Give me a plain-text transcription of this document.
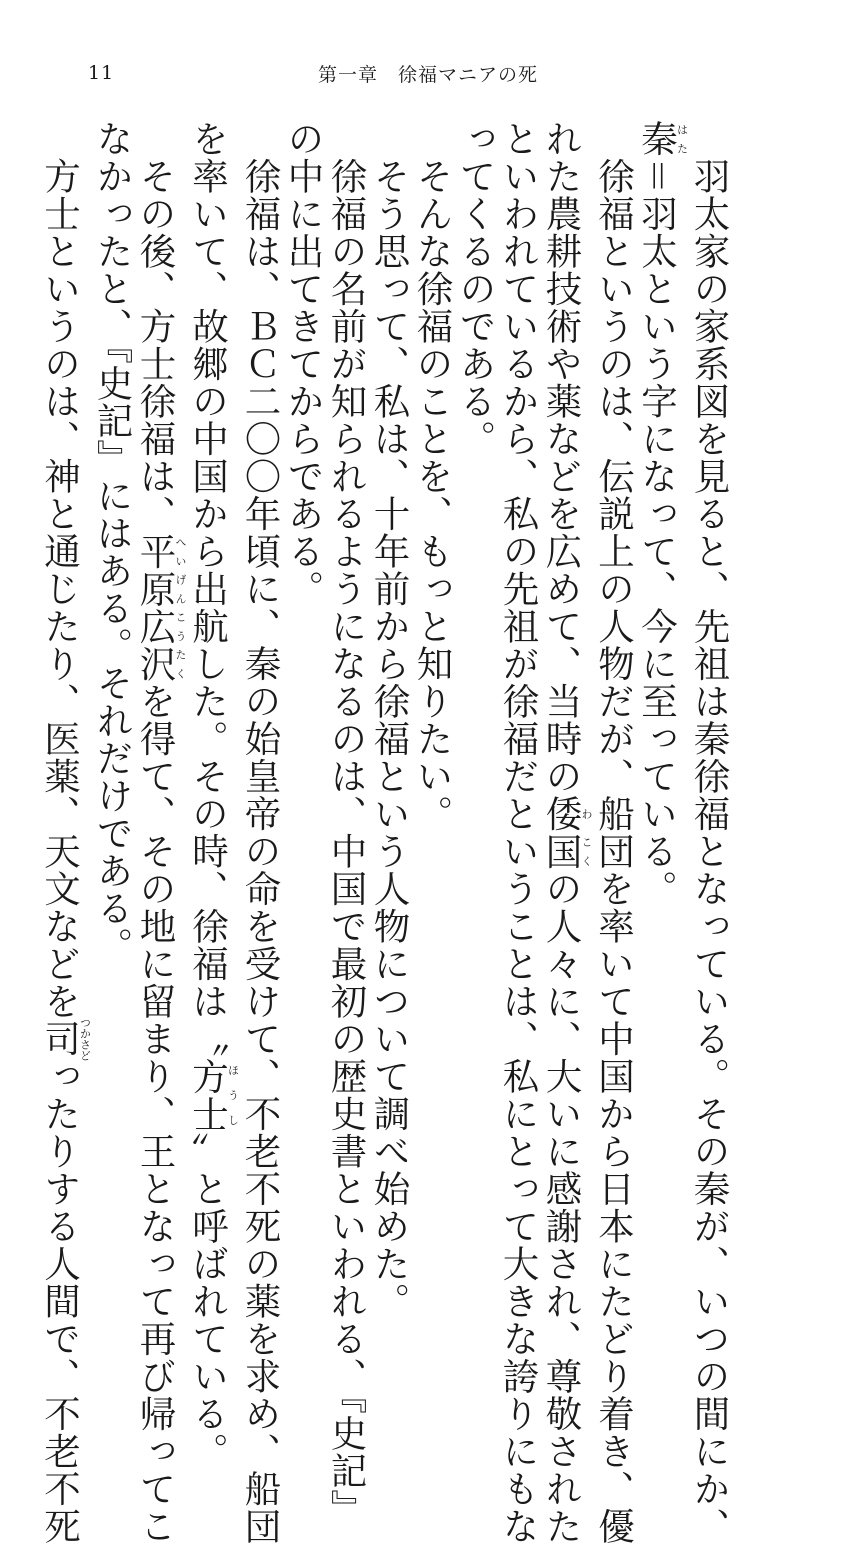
11	第一章　徐福マニアの死
　羽太家の家系図を見ると、先祖は秦徐福となっている。その秦が、いつの間にか、
秦はた＝羽太という字になって、今に至っている。
　徐福というのは、伝説上の人物だが、船団を率いて中国から日本にたどり着き、優
れた農耕技術や薬などを広めて、当時の倭わ国こくの人々に、大いに感謝され、尊敬された
といわれているから、私の先祖が徐福だということは、私にとって大きな誇りにもな
ってくるのである。
　そんな徐福のことを、もっと知りたい。
　そう思って、私は、十年前から徐福という人物について調べ始めた。
　徐福の名前が知られるようになるのは、中国で最初の歴史書といわれる、『史記』
の中に出てきてからである。
　徐福は、ＢＣ二〇〇年頃に、秦の始皇帝の命を受けて、不老不死の薬を求め、船団
を率いて、故郷の中国から出航した。その時、徐福は〝方士ほうし〟と呼ばれている。
　その後、方士徐福は、平原広沢へいげんこうたくを得て、その地に留まり、王となって再び帰ってこ
なかったと、『史記』にはある。それだけである。
　方士というのは、神と通じたり、医薬、天文などを司つかさどったりする人間で、不老不死
